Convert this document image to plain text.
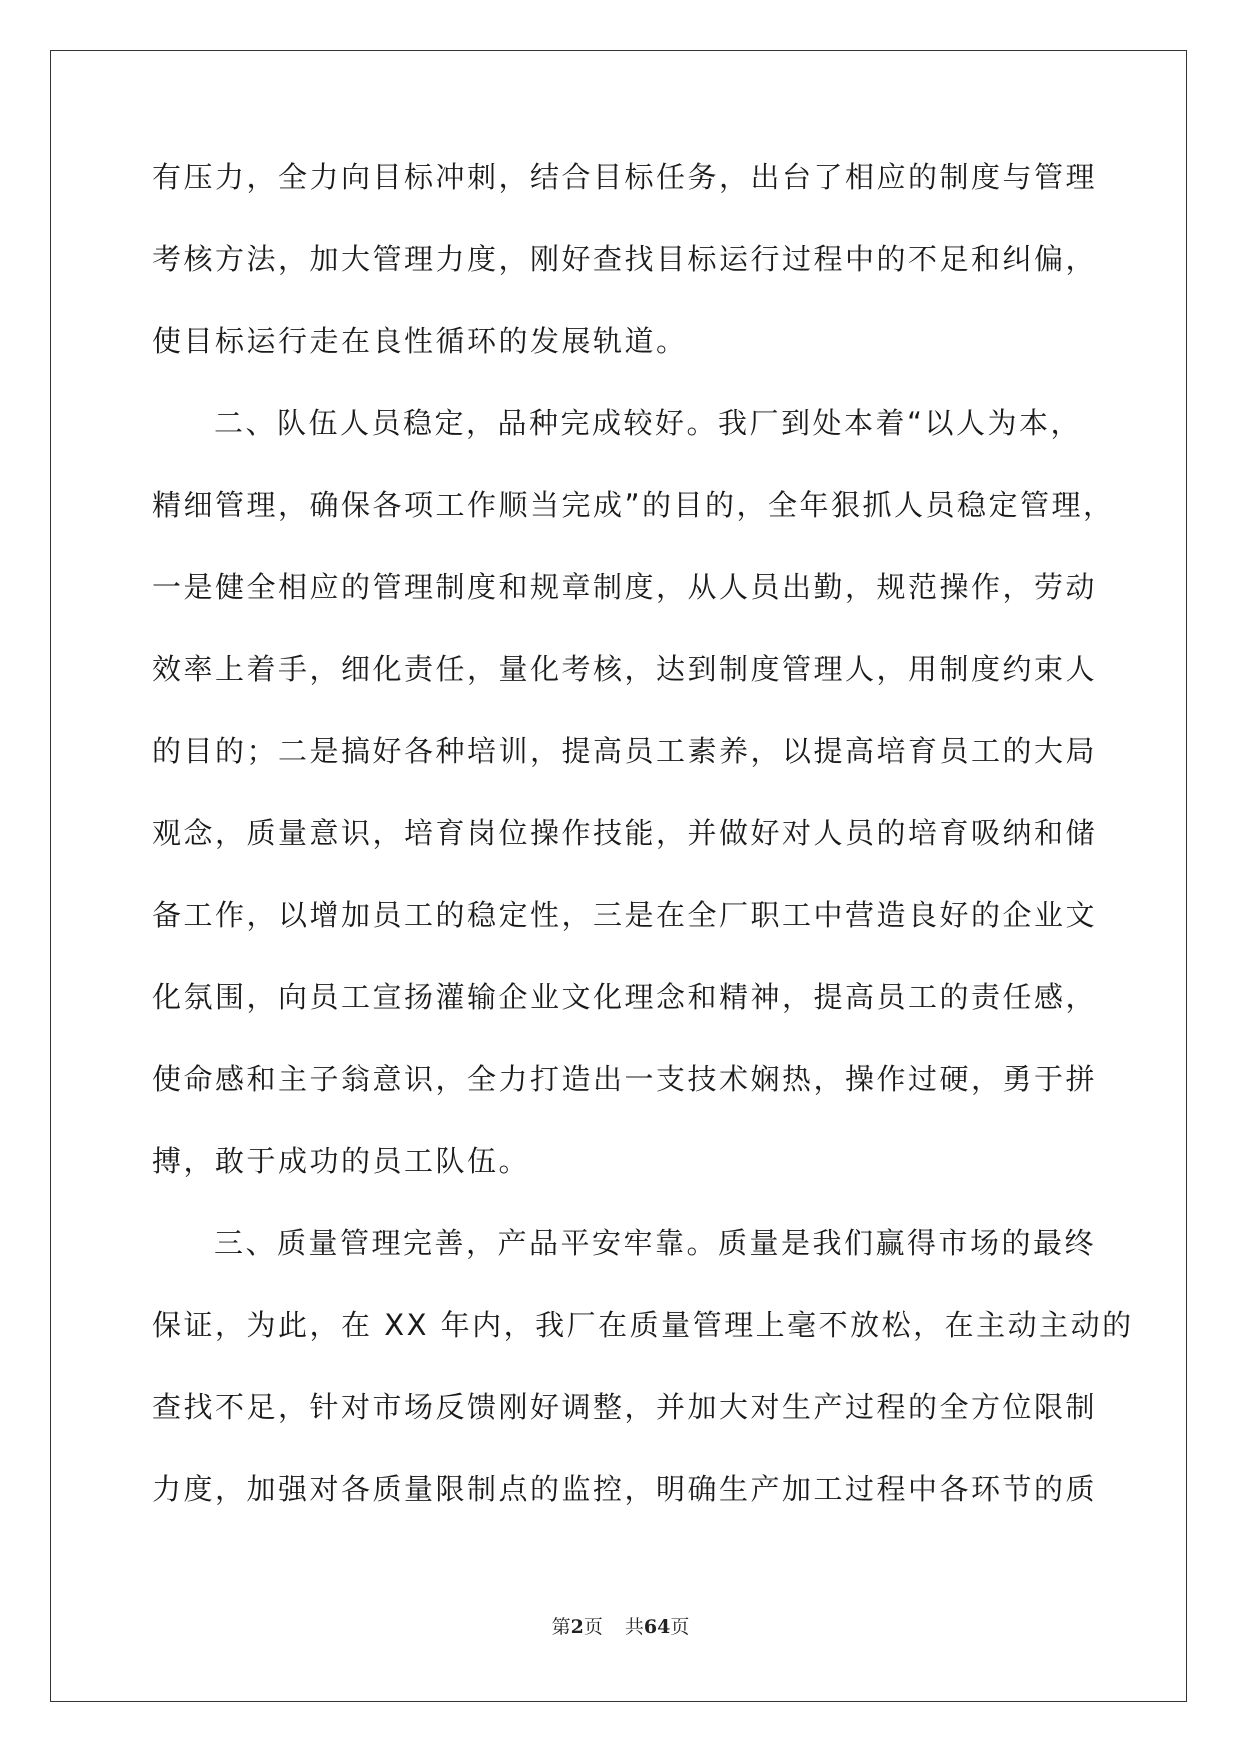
有压力，全力向目标冲刺，结合目标任务，出台了相应的制度与管理
考核方法，加大管理力度，刚好查找目标运行过程中的不足和纠偏，
使目标运行走在良性循环的发展轨道。
二、队伍人员稳定，品种完成较好。我厂到处本着“以人为本，
精细管理，确保各项工作顺当完成”的目的，全年狠抓人员稳定管理，
一是健全相应的管理制度和规章制度，从人员出勤，规范操作，劳动
效率上着手，细化责任，量化考核，达到制度管理人，用制度约束人
的目的；二是搞好各种培训，提高员工素养，以提高培育员工的大局
观念，质量意识，培育岗位操作技能，并做好对人员的培育吸纳和储
备工作，以增加员工的稳定性，三是在全厂职工中营造良好的企业文
化氛围，向员工宣扬灌输企业文化理念和精神，提高员工的责任感，
使命感和主子翁意识，全力打造出一支技术娴热，操作过硬，勇于拼
搏，敢于成功的员工队伍。
三、质量管理完善，产品平安牢靠。质量是我们赢得市场的最终
保证，为此，在 XX 年内，我厂在质量管理上毫不放松，在主动主动的
查找不足，针对市场反馈刚好调整，并加大对生产过程的全方位限制
力度，加强对各质量限制点的监控，明确生产加工过程中各环节的质
第2页 共64页
